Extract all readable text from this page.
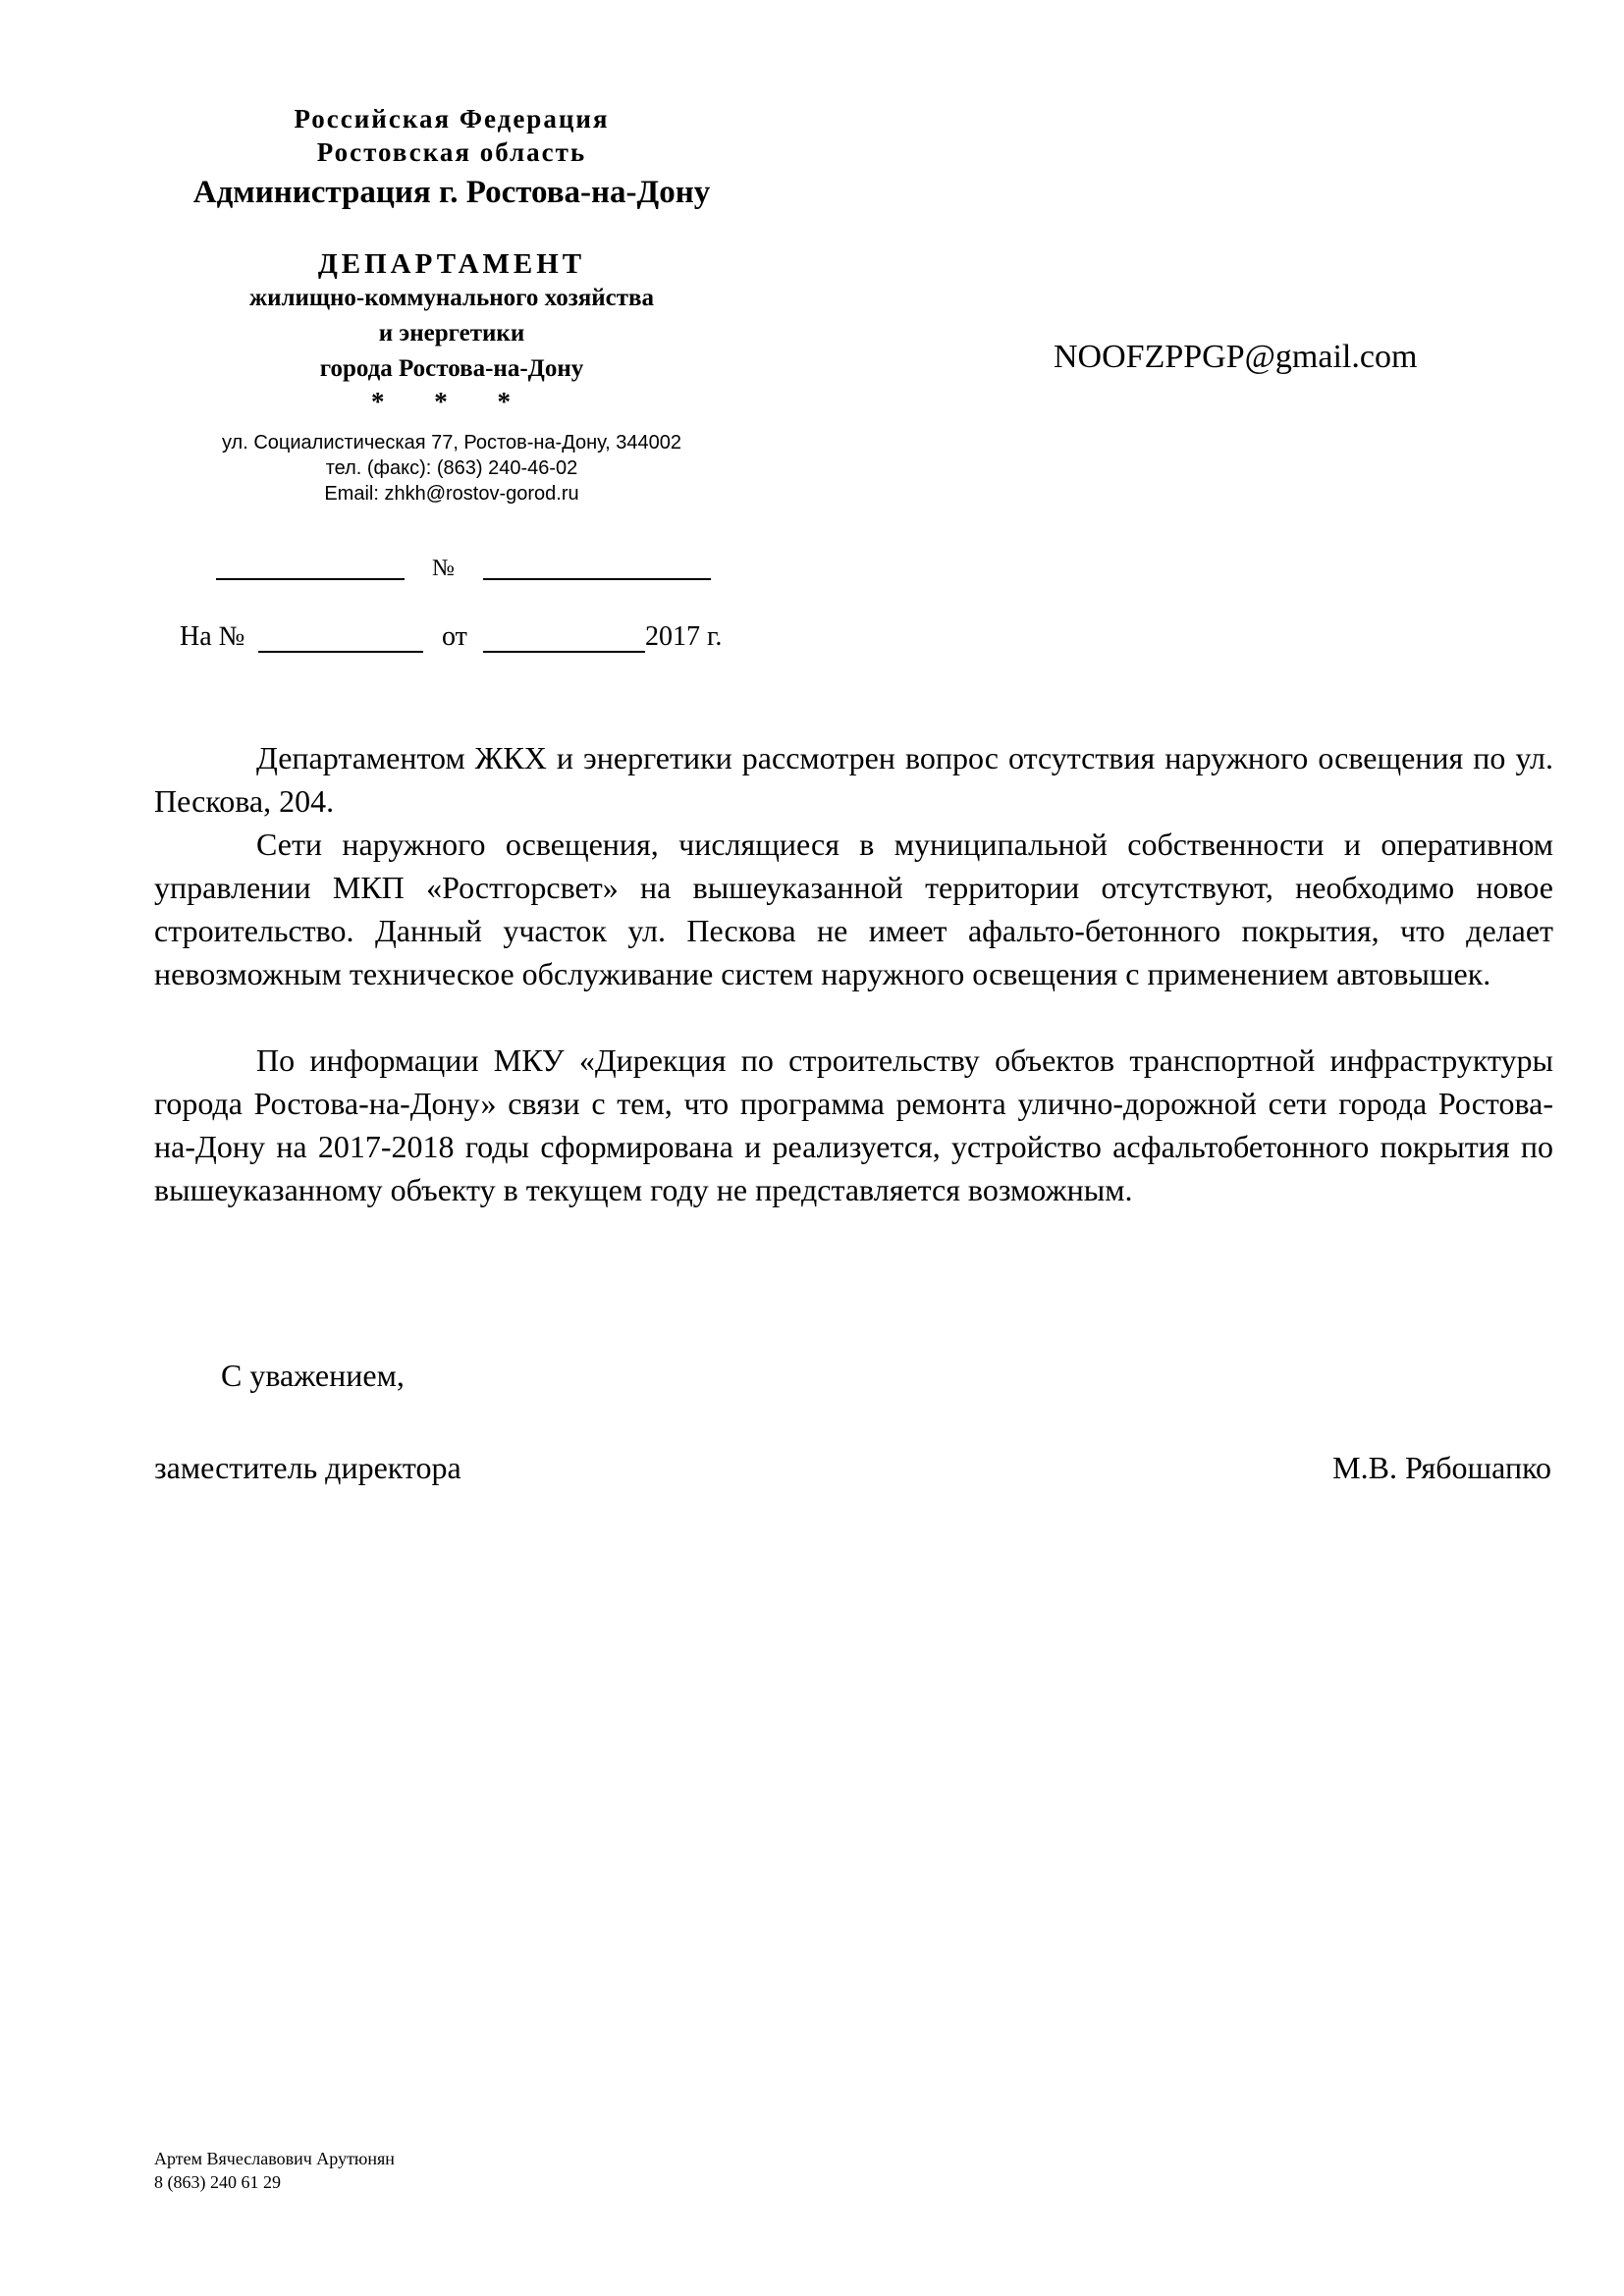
Российская Федерация
Ростовская область
Администрация г. Ростова-на-Дону
ДЕПАРТАМЕНТ
жилищно-коммунального хозяйства
и энергетики
города Ростова-на-Дону
* * *
ул. Социалистическая 77, Ростов-на-Дону, 344002
тел. (факс): (863) 240-46-02
Email: zhkh@rostov-gorod.ru
NOOFZPPGP@gmail.com
№
На №	от	2017 г.
Департаментом ЖКХ и энергетики рассмотрен вопрос отсутствия наружного освещения по ул. Пескова, 204.
Сети наружного освещения, числящиеся в муниципальной собственности и оперативном управлении МКП «Ростгорсвет» на вышеуказанной территории отсутствуют, необходимо новое строительство. Данный участок ул. Пескова не имеет афальто-бетонного покрытия, что делает невозможным техническое обслуживание систем наружного освещения с применением автовышек.
По информации МКУ «Дирекция по строительству объектов транспортной инфраструктуры города Ростова-на-Дону» связи с тем, что программа ремонта улично-дорожной сети города Ростова-на-Дону на 2017-2018 годы сформирована и реализуется, устройство асфальтобетонного покрытия по вышеуказанному объекту в текущем году не представляется возможным.
С уважением,
заместитель директора	М.В. Рябошапко
Артем Вячеславович Арутюнян
8 (863) 240 61 29
